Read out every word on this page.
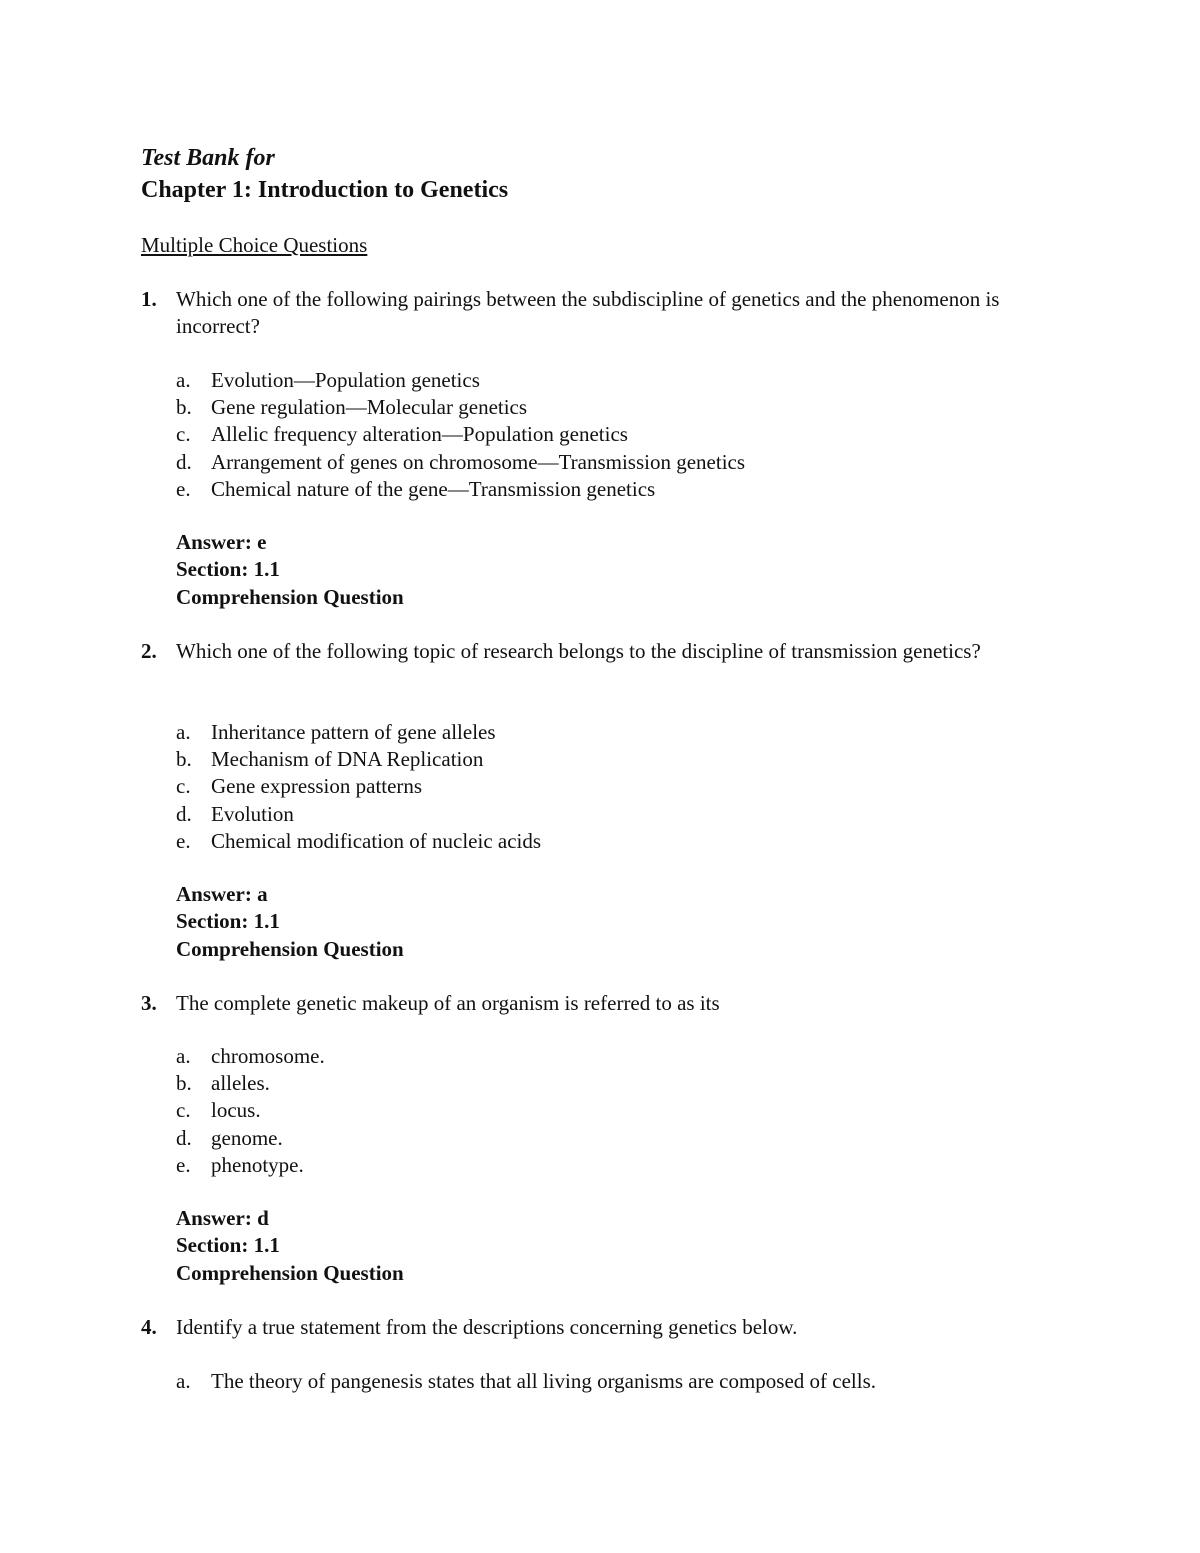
Test Bank for
Chapter 1: Introduction to Genetics
Multiple Choice Questions
1. Which one of the following pairings between the subdiscipline of genetics and the phenomenon is incorrect?
a. Evolution—Population genetics
b. Gene regulation—Molecular genetics
c. Allelic frequency alteration—Population genetics
d. Arrangement of genes on chromosome—Transmission genetics
e. Chemical nature of the gene—Transmission genetics
Answer: e
Section: 1.1
Comprehension Question
2. Which one of the following topic of research belongs to the discipline of transmission genetics?
a. Inheritance pattern of gene alleles
b. Mechanism of DNA Replication
c. Gene expression patterns
d. Evolution
e. Chemical modification of nucleic acids
Answer: a
Section: 1.1
Comprehension Question
3. The complete genetic makeup of an organism is referred to as its
a. chromosome.
b. alleles.
c. locus.
d. genome.
e. phenotype.
Answer: d
Section: 1.1
Comprehension Question
4. Identify a true statement from the descriptions concerning genetics below.
a. The theory of pangenesis states that all living organisms are composed of cells.
